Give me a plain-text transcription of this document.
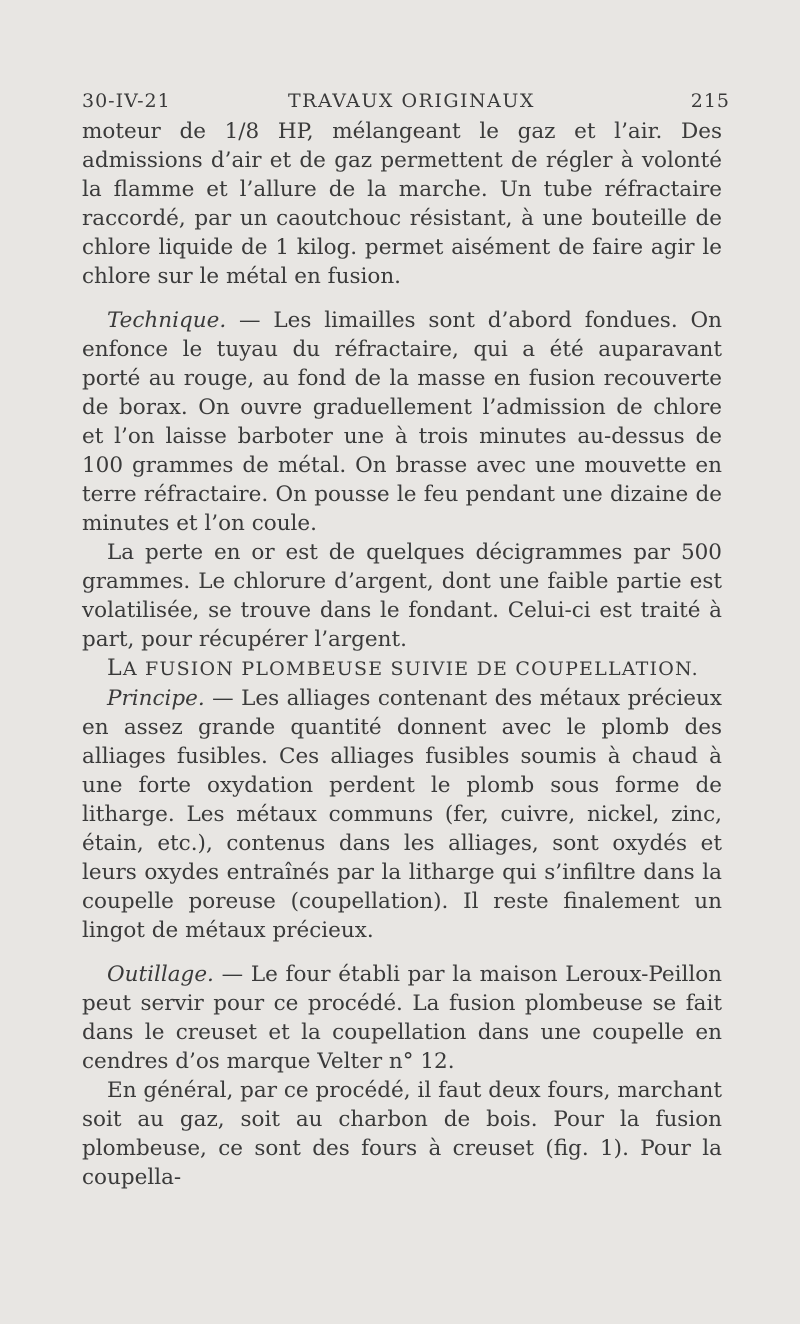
30-IV-21	TRAVAUX ORIGINAUX	215

moteur de 1/8 HP, mélangeant le gaz et l’air. Des admissions d’air et de gaz permettent de régler à volonté la flamme et l’allure de la marche. Un tube réfractaire raccordé, par un caoutchouc résistant, à une bouteille de chlore liquide de 1 kilog. permet aisément de faire agir le chlore sur le métal en fusion.

Technique. — Les limailles sont d’abord fondues. On enfonce le tuyau du réfractaire, qui a été auparavant porté au rouge, au fond de la masse en fusion recouverte de borax. On ouvre graduellement l’admission de chlore et l’on laisse barboter une à trois minutes au-dessus de 100 grammes de métal. On brasse avec une mouvette en terre réfractaire. On pousse le feu pendant une dizaine de minutes et l’on coule.

La perte en or est de quelques décigrammes par 500 grammes. Le chlorure d’argent, dont une faible partie est volatilisée, se trouve dans le fondant. Celui-ci est traité à part, pour récupérer l’argent.

LA FUSION PLOMBEUSE SUIVIE DE COUPELLATION.

Principe. — Les alliages contenant des métaux précieux en assez grande quantité donnent avec le plomb des alliages fusibles. Ces alliages fusibles soumis à chaud à une forte oxydation perdent le plomb sous forme de litharge. Les métaux communs (fer, cuivre, nickel, zinc, étain, etc.), contenus dans les alliages, sont oxydés et leurs oxydes entraînés par la litharge qui s’infiltre dans la coupelle poreuse (coupellation). Il reste finalement un lingot de métaux précieux.

Outillage. — Le four établi par la maison Leroux-Peillon peut servir pour ce procédé. La fusion plombeuse se fait dans le creuset et la coupellation dans une coupelle en cendres d’os marque Velter n° 12.

En général, par ce procédé, il faut deux fours, marchant soit au gaz, soit au charbon de bois. Pour la fusion plombeuse, ce sont des fours à creuset (fig. 1). Pour la coupella-
